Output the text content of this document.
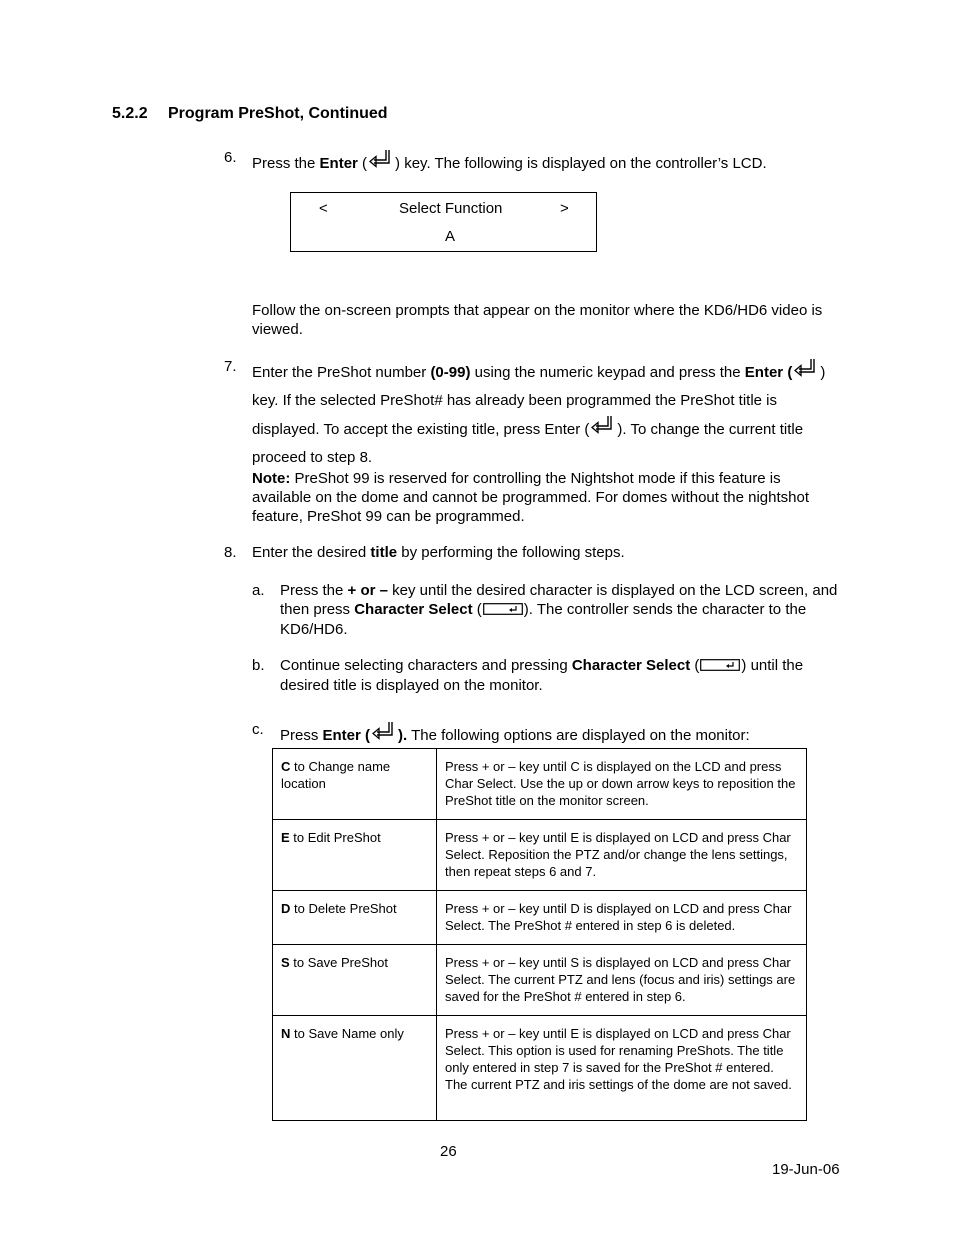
5.2.2 Program PreShot, Continued
6. Press the Enter ( ) key. The following is displayed on the controller’s LCD.
<	Select Function	>
A
Follow the on-screen prompts that appear on the monitor where the KD6/HD6 video is viewed.
7. Enter the PreShot number (0-99) using the numeric keypad and press the Enter ( ) key. If the selected PreShot# has already been programmed the PreShot title is displayed. To accept the existing title, press Enter ( ). To change the current title proceed to step 8.
Note: PreShot 99 is reserved for controlling the Nightshot mode if this feature is available on the dome and cannot be programmed. For domes without the nightshot feature, PreShot 99 can be programmed.
8. Enter the desired title by performing the following steps.
a. Press the + or – key until the desired character is displayed on the LCD screen, and then press Character Select (	). The controller sends the character to the KD6/HD6.
b. Continue selecting characters and pressing Character Select (	) until the desired title is displayed on the monitor.
c. Press Enter ( ). The following options are displayed on the monitor:
C to Change name location	Press + or – key until C is displayed on the LCD and press Char Select. Use the up or down arrow keys to reposition the PreShot title on the monitor screen.
E to Edit PreShot	Press + or – key until E is displayed on LCD and press Char Select. Reposition the PTZ and/or change the lens settings, then repeat steps 6 and 7.
D to Delete PreShot	Press + or – key until D is displayed on LCD and press Char Select. The PreShot # entered in step 6 is deleted.
S to Save PreShot	Press + or – key until S is displayed on LCD and press Char Select. The current PTZ and lens (focus and iris) settings are saved for the PreShot # entered in step 6.
N to Save Name only	Press + or – key until E is displayed on LCD and press Char Select. This option is used for renaming PreShots. The title only entered in step 7 is saved for the PreShot # entered. The current PTZ and iris settings of the dome are not saved.
26
19-Jun-06
